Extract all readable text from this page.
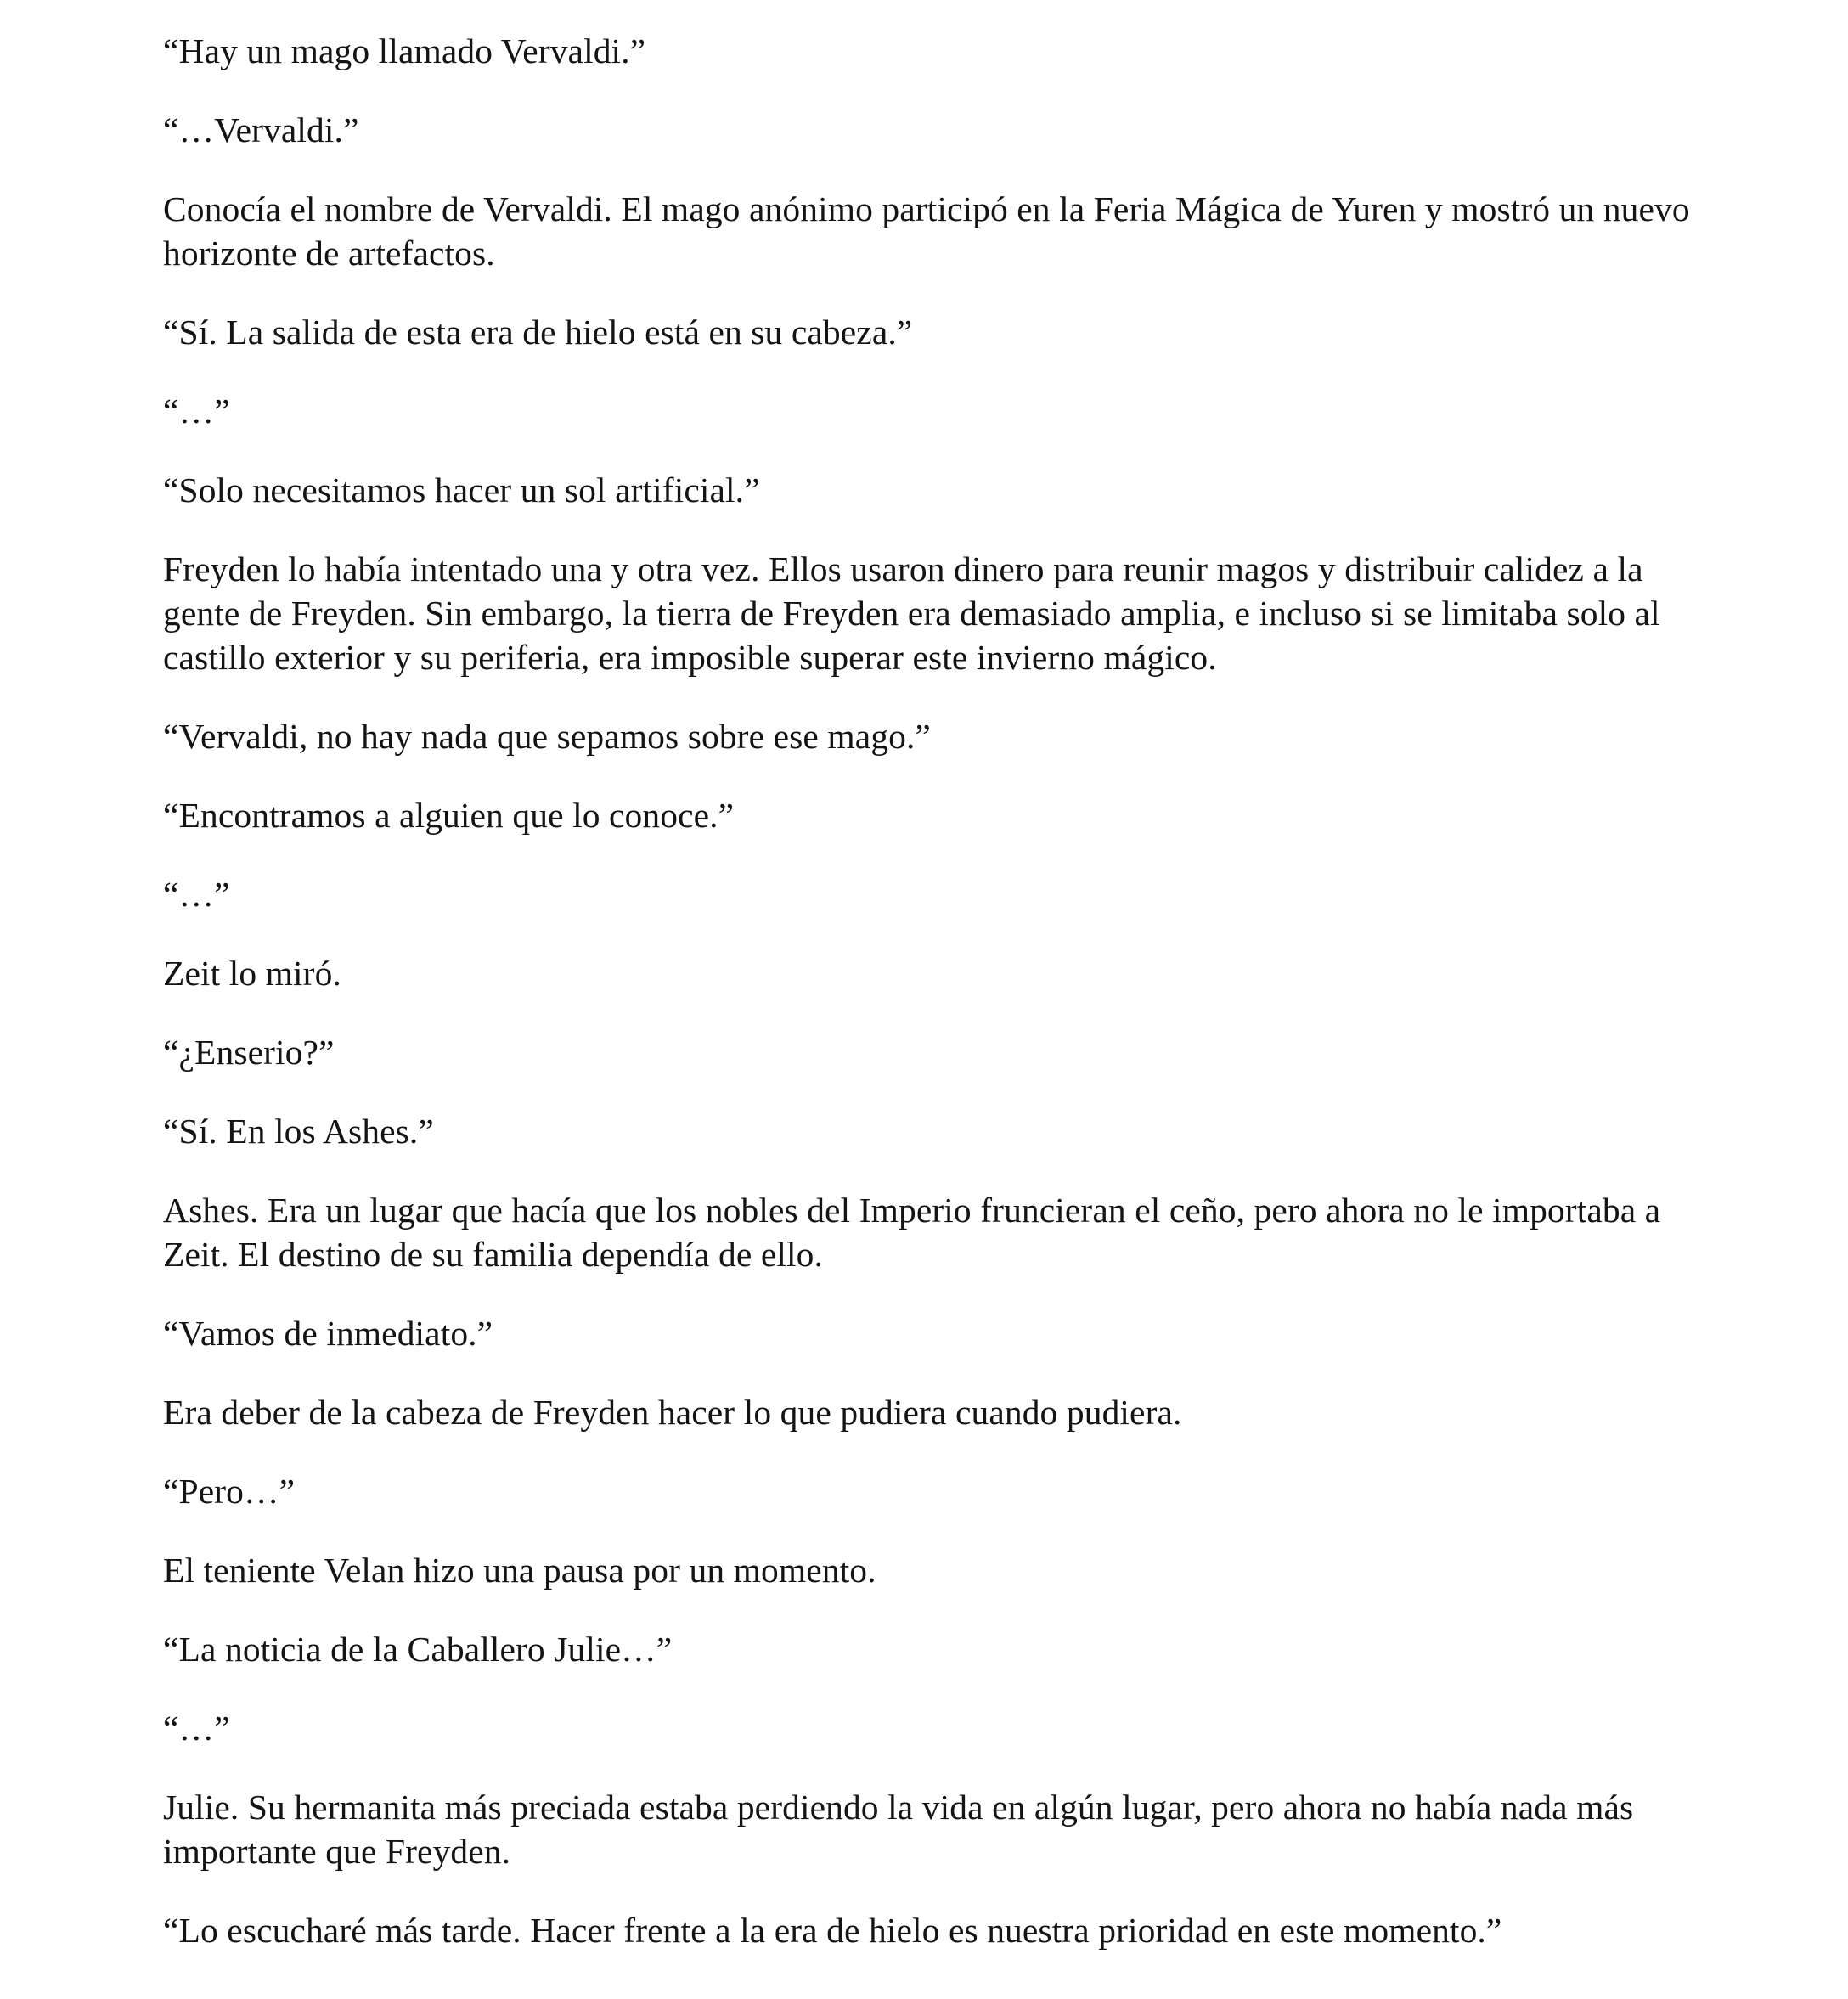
“Hay un mago llamado Vervaldi.”

“…Vervaldi.”

Conocía el nombre de Vervaldi. El mago anónimo participó en la Feria Mágica de Yuren y mostró un nuevo horizonte de artefactos.

“Sí. La salida de esta era de hielo está en su cabeza.”

“…”

“Solo necesitamos hacer un sol artificial.”

Freyden lo había intentado una y otra vez. Ellos usaron dinero para reunir magos y distribuir calidez a la gente de Freyden. Sin embargo, la tierra de Freyden era demasiado amplia, e incluso si se limitaba solo al castillo exterior y su periferia, era imposible superar este invierno mágico.

“Vervaldi, no hay nada que sepamos sobre ese mago.”

“Encontramos a alguien que lo conoce.”

“…”

Zeit lo miró.

“¿Enserio?”

“Sí. En los Ashes.”

Ashes. Era un lugar que hacía que los nobles del Imperio fruncieran el ceño, pero ahora no le importaba a Zeit. El destino de su familia dependía de ello.

“Vamos de inmediato.”

Era deber de la cabeza de Freyden hacer lo que pudiera cuando pudiera.

“Pero…”

El teniente Velan hizo una pausa por un momento.

“La noticia de la Caballero Julie…”

“…”

Julie. Su hermanita más preciada estaba perdiendo la vida en algún lugar, pero ahora no había nada más importante que Freyden.

“Lo escucharé más tarde. Hacer frente a la era de hielo es nuestra prioridad en este momento.”
